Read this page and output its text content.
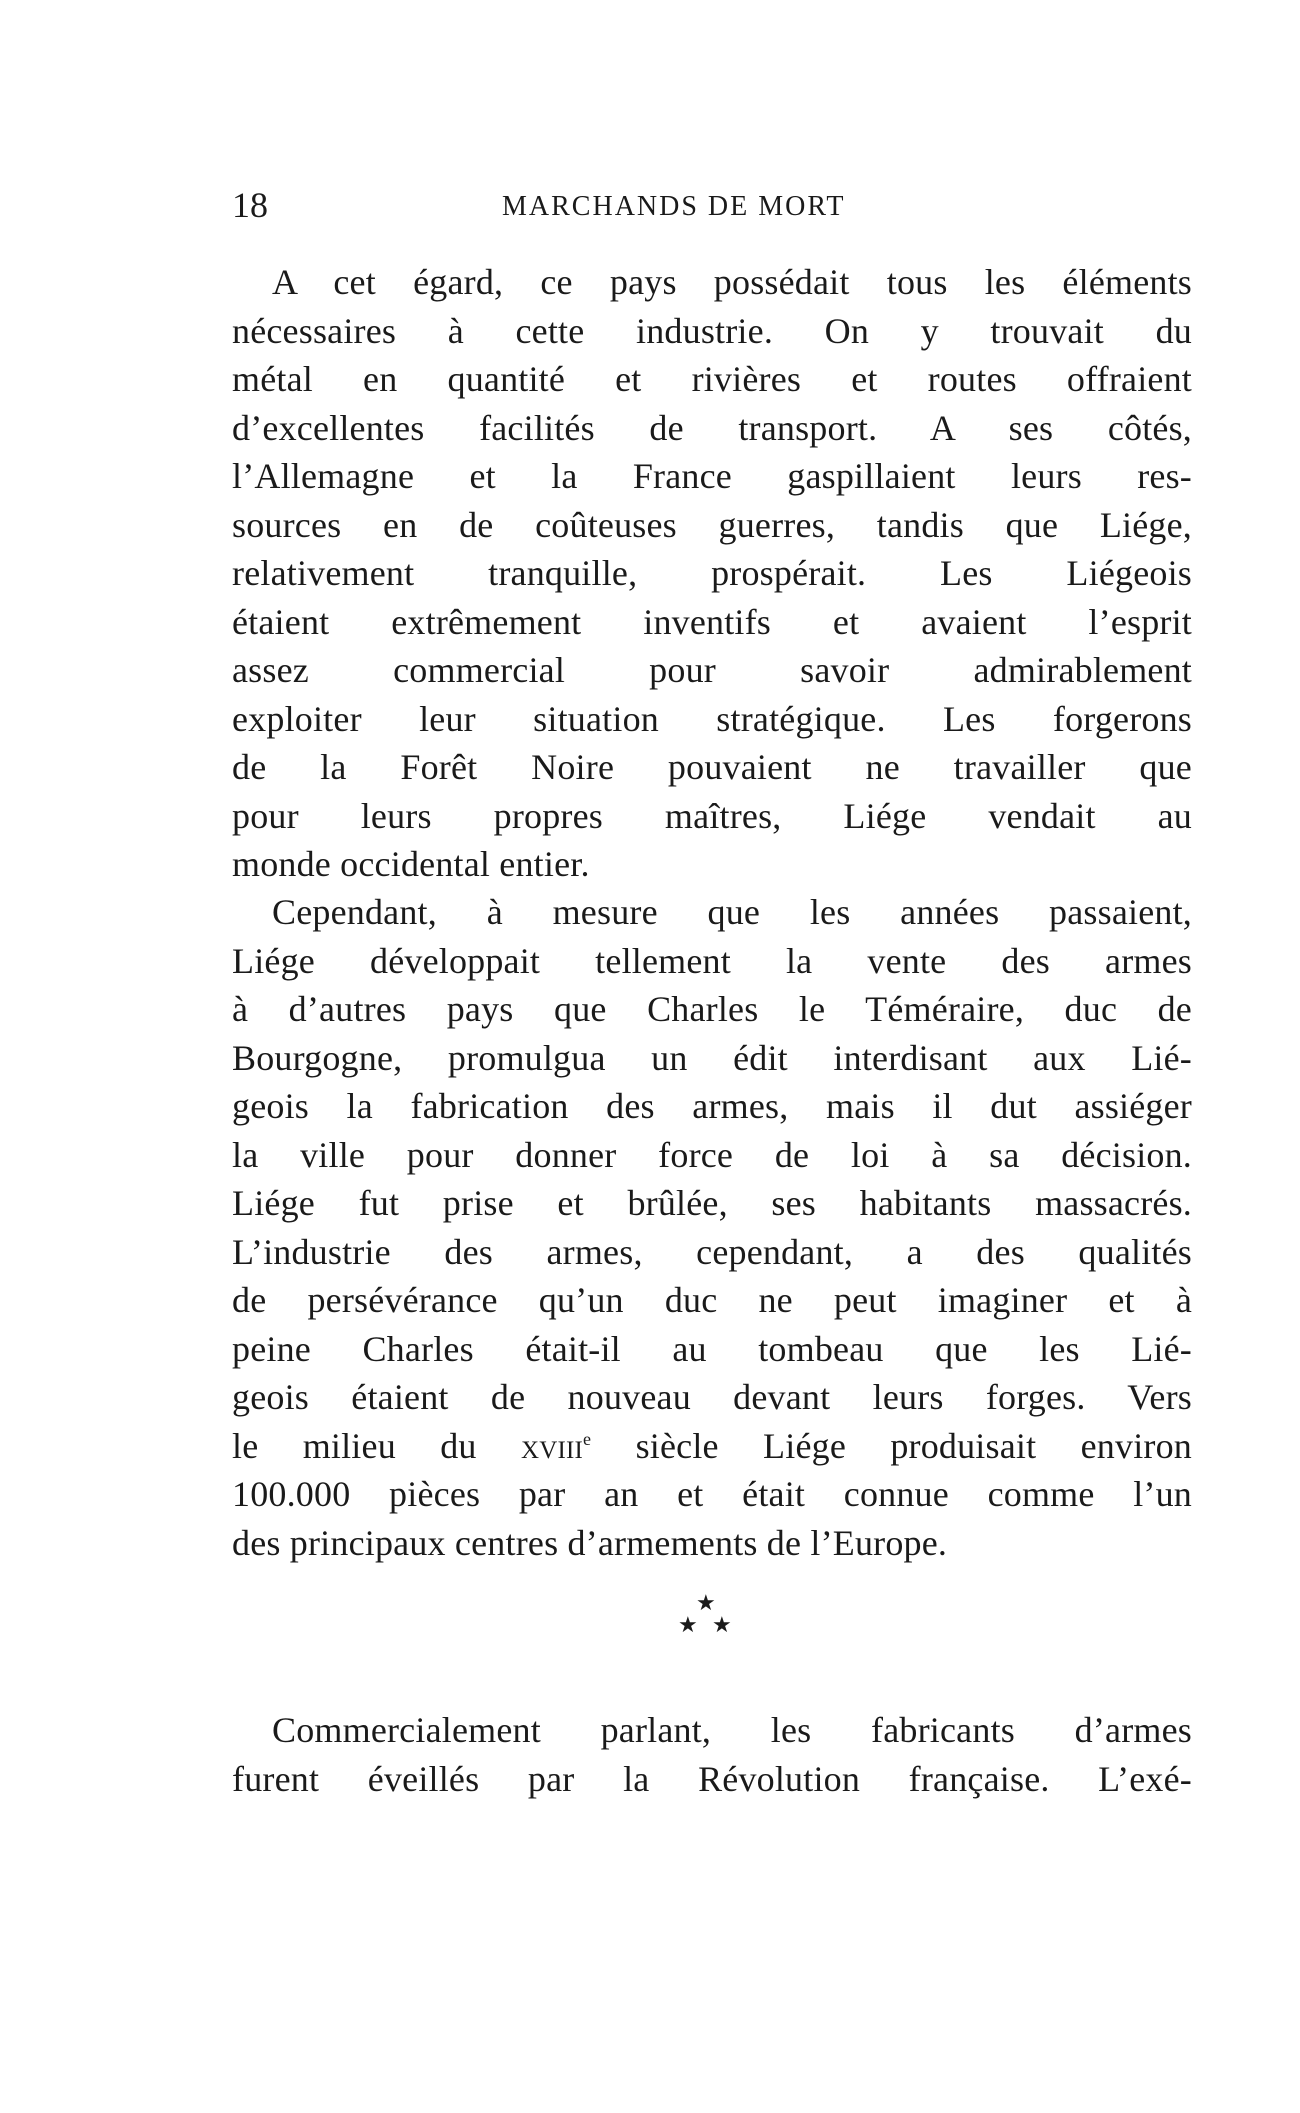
18	MARCHANDS DE MORT
A cet égard, ce pays possédait tous les éléments
nécessaires à cette industrie. On y trouvait du
métal en quantité et rivières et routes offraient
d’excellentes facilités de transport. A ses côtés,
l’Allemagne et la France gaspillaient leurs res-
sources en de coûteuses guerres, tandis que Liége,
relativement tranquille, prospérait. Les Liégeois
étaient extrêmement inventifs et avaient l’esprit
assez commercial pour savoir admirablement
exploiter leur situation stratégique. Les forgerons
de la Forêt Noire pouvaient ne travailler que
pour leurs propres maîtres, Liége vendait au
monde occidental entier.
Cependant, à mesure que les années passaient,
Liége développait tellement la vente des armes
à d’autres pays que Charles le Téméraire, duc de
Bourgogne, promulgua un édit interdisant aux Lié-
geois la fabrication des armes, mais il dut assiéger
la ville pour donner force de loi à sa décision.
Liége fut prise et brûlée, ses habitants massacrés.
L’industrie des armes, cependant, a des qualités
de persévérance qu’un duc ne peut imaginer et à
peine Charles était-il au tombeau que les Lié-
geois étaient de nouveau devant leurs forges. Vers
le milieu du xviii$^e$ siècle Liége produisait environ
100.000 pièces par an et était connue comme l’un
des principaux centres d’armements de l’Europe.
★
★ ★
Commercialement parlant, les fabricants d’armes
furent éveillés par la Révolution française. L’exé-
